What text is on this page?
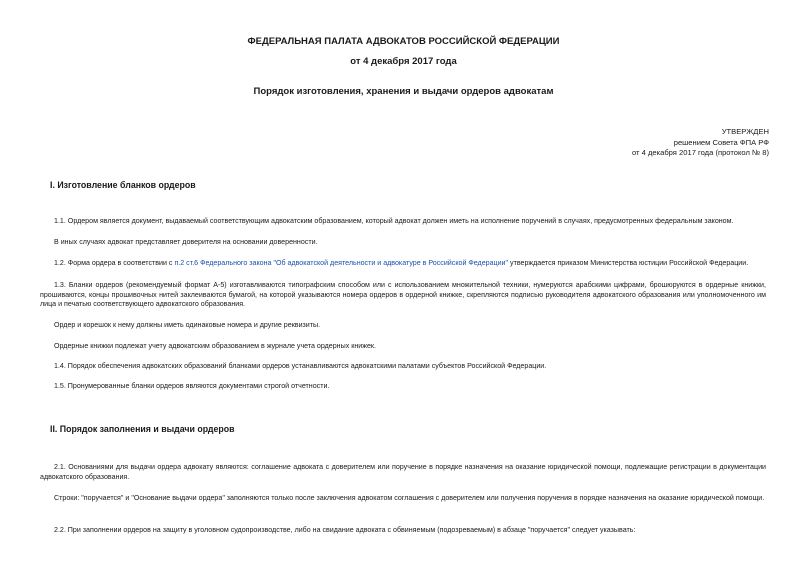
ФЕДЕРАЛЬНАЯ ПАЛАТА АДВОКАТОВ РОССИЙСКОЙ ФЕДЕРАЦИИ
от 4 декабря 2017 года
Порядок изготовления, хранения и выдачи ордеров адвокатам
УТВЕРЖДЕН
решением Совета ФПА РФ
от 4 декабря 2017 года (протокол № 8)
I. Изготовление бланков ордеров
1.1. Ордером является документ, выдаваемый соответствующим адвокатским образованием, который адвокат должен иметь на исполнение поручений в случаях, предусмотренных федеральным законом.
В иных случаях адвокат представляет доверителя на основании доверенности.
1.2. Форма ордера в соответствии с п.2 ст.6 Федерального закона "Об адвокатской деятельности и адвокатуре в Российской Федерации" утверждается приказом Министерства юстиции Российской Федерации.
1.3. Бланки ордеров (рекомендуемый формат А-5) изготавливаются типографским способом или с использованием множительной техники, нумеруются арабскими цифрами, брошюруются в ордерные книжки, прошиваются, концы прошивочных нитей заклеиваются бумагой, на которой указываются номера ордеров в ордерной книжке, скрепляются подписью руководителя адвокатского образования или уполномоченного им лица и печатью соответствующего адвокатского образования.
Ордер и корешок к нему должны иметь одинаковые номера и другие реквизиты.
Ордерные книжки подлежат учету адвокатским образованием в журнале учета ордерных книжек.
1.4. Порядок обеспечения адвокатских образований бланками ордеров устанавливаются адвокатскими палатами субъектов Российской Федерации.
1.5. Пронумерованные бланки ордеров являются документами строгой отчетности.
II. Порядок заполнения и выдачи ордеров
2.1. Основаниями для выдачи ордера адвокату являются: соглашение адвоката с доверителем или поручение в порядке назначения на оказание юридической помощи, подлежащие регистрации в документации адвокатского образования.
Строки: "поручается" и "Основание выдачи ордера" заполняются только после заключения адвокатом соглашения с доверителем или получения поручения в порядке назначения на оказание юридической помощи.
2.2. При заполнении ордеров на защиту в уголовном судопроизводстве, либо на свидание адвоката с обвиняемым (подозреваемым) в абзаце "поручается" следует указывать:
